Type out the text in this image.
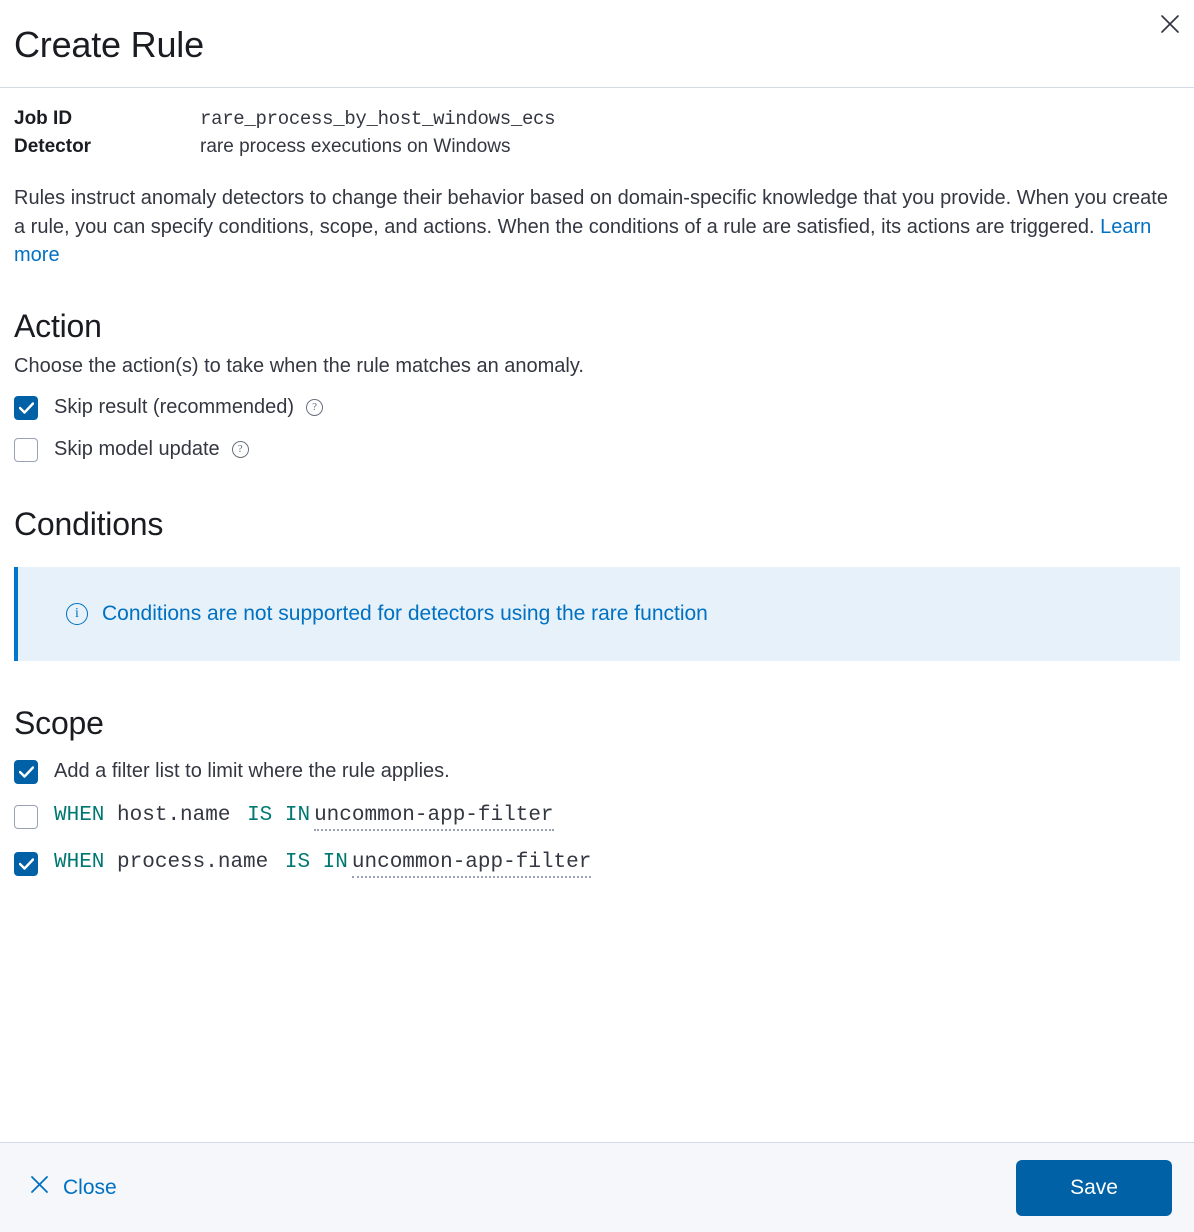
Create Rule
Job ID	rare_process_by_host_windows_ecs
Detector	rare process executions on Windows

Rules instruct anomaly detectors to change their behavior based on domain-specific knowledge that you provide. When you create a rule, you can specify conditions, scope, and actions. When the conditions of a rule are satisfied, its actions are triggered. Learn more

Action
Choose the action(s) to take when the rule matches an anomaly.
Skip result (recommended)	?
Skip model update	?
Conditions
i	Conditions are not supported for detectors using the rare function
Scope
Add a filter list to limit where the rule applies.
WHEN
host.name
IS IN uncommon-app-filter
WHEN
process.name
IS IN uncommon-app-filter
Close	Save
